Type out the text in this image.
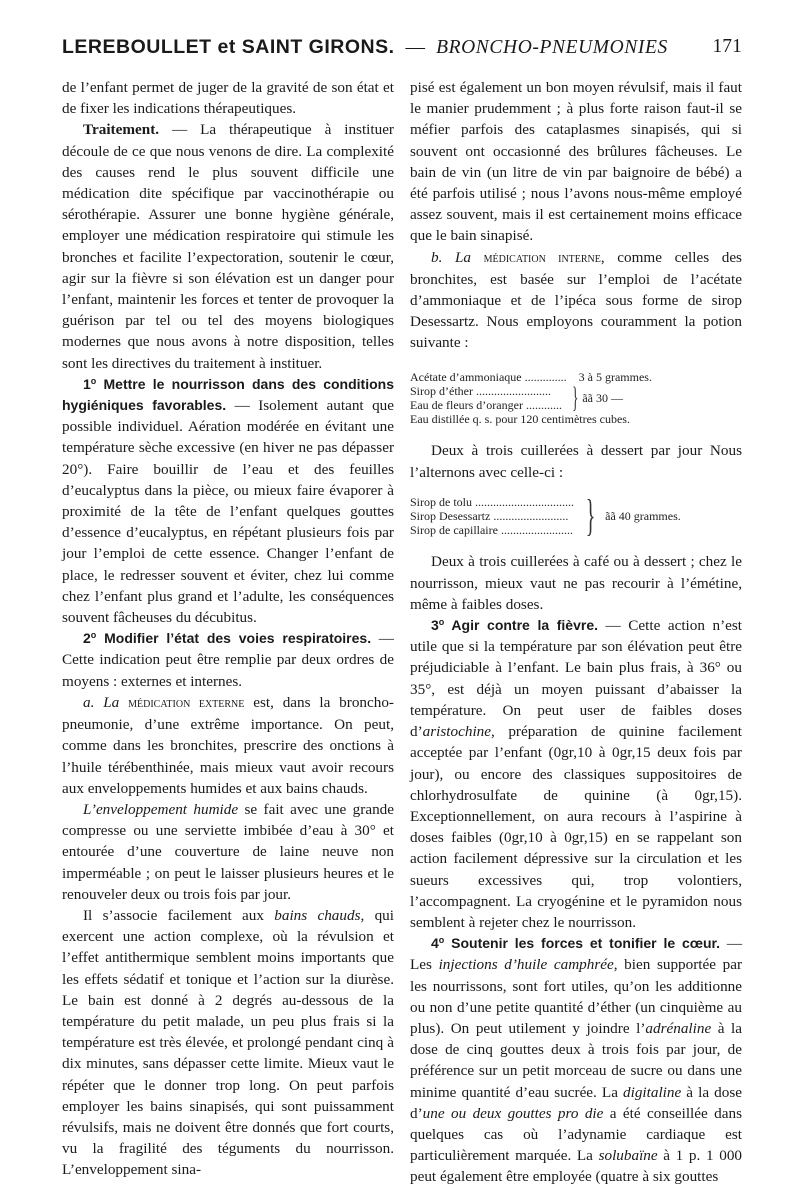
LEREBOULLET et SAINT GIRONS. — BRONCHO-PNEUMONIES 171

de l’enfant permet de juger de la gravité de son état et de fixer les indications thérapeutiques.

Traitement. — La thérapeutique à instituer découle de ce que nous venons de dire. La complexité des causes rend le plus souvent difficile une médication dite spécifique par vaccinothérapie ou sérothérapie. Assurer une bonne hygiène générale, employer une médication respiratoire qui stimule les bronches et facilite l’expectoration, soutenir le cœur, agir sur la fièvre si son élévation est un danger pour l’enfant, maintenir les forces et tenter de provoquer la guérison par tel ou tel des moyens biologiques modernes que nous avons à notre disposition, telles sont les directives du traitement à instituer.

1$^o$ Mettre le nourrisson dans des conditions hygiéniques favorables. — Isolement autant que possible individuel. Aération modérée en évitant une température sèche excessive (en hiver ne pas dépasser 20°). Faire bouillir de l’eau et des feuilles d’eucalyptus dans la pièce, ou mieux faire évaporer à proximité de la tête de l’enfant quelques gouttes d’essence d’eucalyptus, en répétant plusieurs fois par jour l’emploi de cette essence. Changer l’enfant de place, le redresser souvent et éviter, chez lui comme chez l’enfant plus grand et l’adulte, les conséquences souvent fâcheuses du décubitus.

2$^o$ Modifier l’état des voies respiratoires. — Cette indication peut être remplie par deux ordres de moyens : externes et internes.

a. La médication externe est, dans la broncho-pneumonie, d’une extrême importance. On peut, comme dans les bronchites, prescrire des onctions à l’huile térébenthinée, mais mieux vaut avoir recours aux enveloppements humides et aux bains chauds.

L’enveloppement humide se fait avec une grande compresse ou une serviette imbibée d’eau à 30° et entourée d’une couverture de laine neuve non imperméable ; on peut le laisser plusieurs heures et le renouveler deux ou trois fois par jour.

Il s’associe facilement aux bains chauds, qui exercent une action complexe, où la révulsion et l’effet antithermique semblent moins importants que les effets sédatif et tonique et l’action sur la diurèse. Le bain est donné à 2 degrés au-dessous de la température du petit malade, un peu plus frais si la température est très élevée, et prolongé pendant cinq à dix minutes, sans dépasser cette limite. Mieux vaut le répéter que le donner trop long. On peut parfois employer les bains sinapisés, qui sont puissamment révulsifs, mais ne doivent être donnés que fort courts, vu la fragilité des téguments du nourrisson. L’enveloppement sina-

pisé est également un bon moyen révulsif, mais il faut le manier prudemment ; à plus forte raison faut-il se méfier parfois des cataplasmes sinapisés, qui si souvent ont occasionné des brûlures fâcheuses. Le bain de vin (un litre de vin par baignoire de bébé) a été parfois utilisé ; nous l’avons nous-même employé assez souvent, mais il est certainement moins efficace que le bain sinapisé.

b. La médication interne, comme celles des bronchites, est basée sur l’emploi de l’acétate d’ammoniaque et de l’ipéca sous forme de sirop Desessartz. Nous employons couramment la potion suivante :

Acétate d’ammoniaque ..............    3 à 5 grammes.
Sirop d’éther .........................
Eau de fleurs d’oranger ............ } ãã 30 —
Eau distillée q. s. pour 120 centimètres cubes.

Deux à trois cuillerées à dessert par jour Nous l’alternons avec celle-ci :

Sirop de tolu .................................
Sirop Desessartz .........................
Sirop de capillaire ........................ } ãã 40 grammes.

Deux à trois cuillerées à café ou à dessert ; chez le nourrisson, mieux vaut ne pas recourir à l’émétine, même à faibles doses.

3$^o$ Agir contre la fièvre. — Cette action n’est utile que si la température par son élévation peut être préjudiciable à l’enfant. Le bain plus frais, à 36° ou 35°, est déjà un moyen puissant d’abaisser la température. On peut user de faibles doses d’aristochine, préparation de quinine facilement acceptée par l’enfant (0gr,10 à 0gr,15 deux fois par jour), ou encore des classiques suppositoires de chlorhydrosulfate de quinine (à 0gr,15). Exceptionnellement, on aura recours à l’aspirine à doses faibles (0gr,10 à 0gr,15) en se rappelant son action facilement dépressive sur la circulation et les sueurs excessives qui, trop volontiers, l’accompagnent. La cryogénine et le pyramidon nous semblent à rejeter chez le nourrisson.

4$^o$ Soutenir les forces et tonifier le cœur. — Les injections d’huile camphrée, bien supportée par les nourrissons, sont fort utiles, qu’on les additionne ou non d’une petite quantité d’éther (un cinquième au plus). On peut utilement y joindre l’adrénaline à la dose de cinq gouttes deux à trois fois par jour, de préférence sur un petit morceau de sucre ou dans une minime quantité d’eau sucrée. La digitaline à la dose d’une ou deux gouttes pro die a été conseillée dans quelques cas où l’adynamie cardiaque est particulièrement marquée. La solubaïne à 1 p. 1 000 peut également être employée (quatre à six gouttes
